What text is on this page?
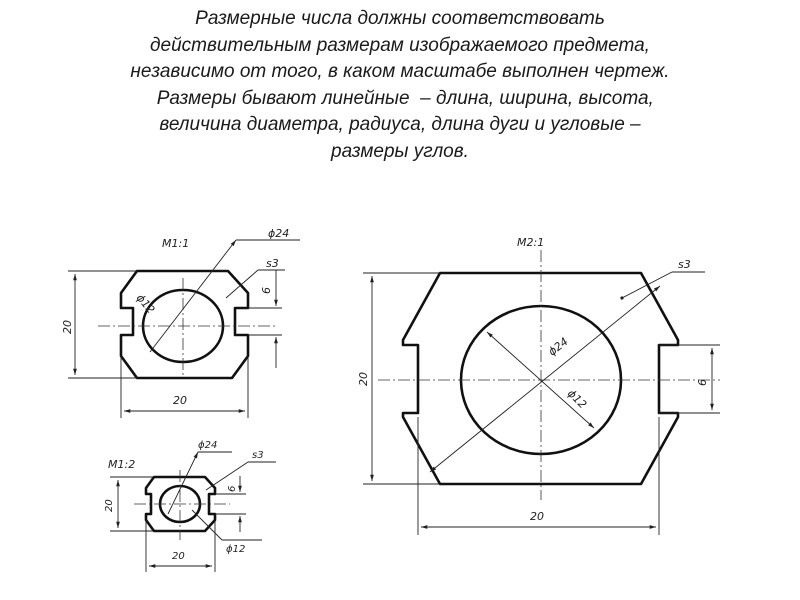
Размерные числа должны соответствовать
действительным размерам изображаемого предмета,
независимо от того, в каком масштабе выполнен чертеж.
Размеры бывают линейные  – длина, ширина, высота,
величина диаметра, радиуса, длина дуги и угловые –
размеры углов.
М1:1
ϕ24
ϕ12
s3
6
20
20
М2:1
ϕ24
ϕ12
s3
6
20
20
М1:2
ϕ24
s3
6
ϕ12
20
20
